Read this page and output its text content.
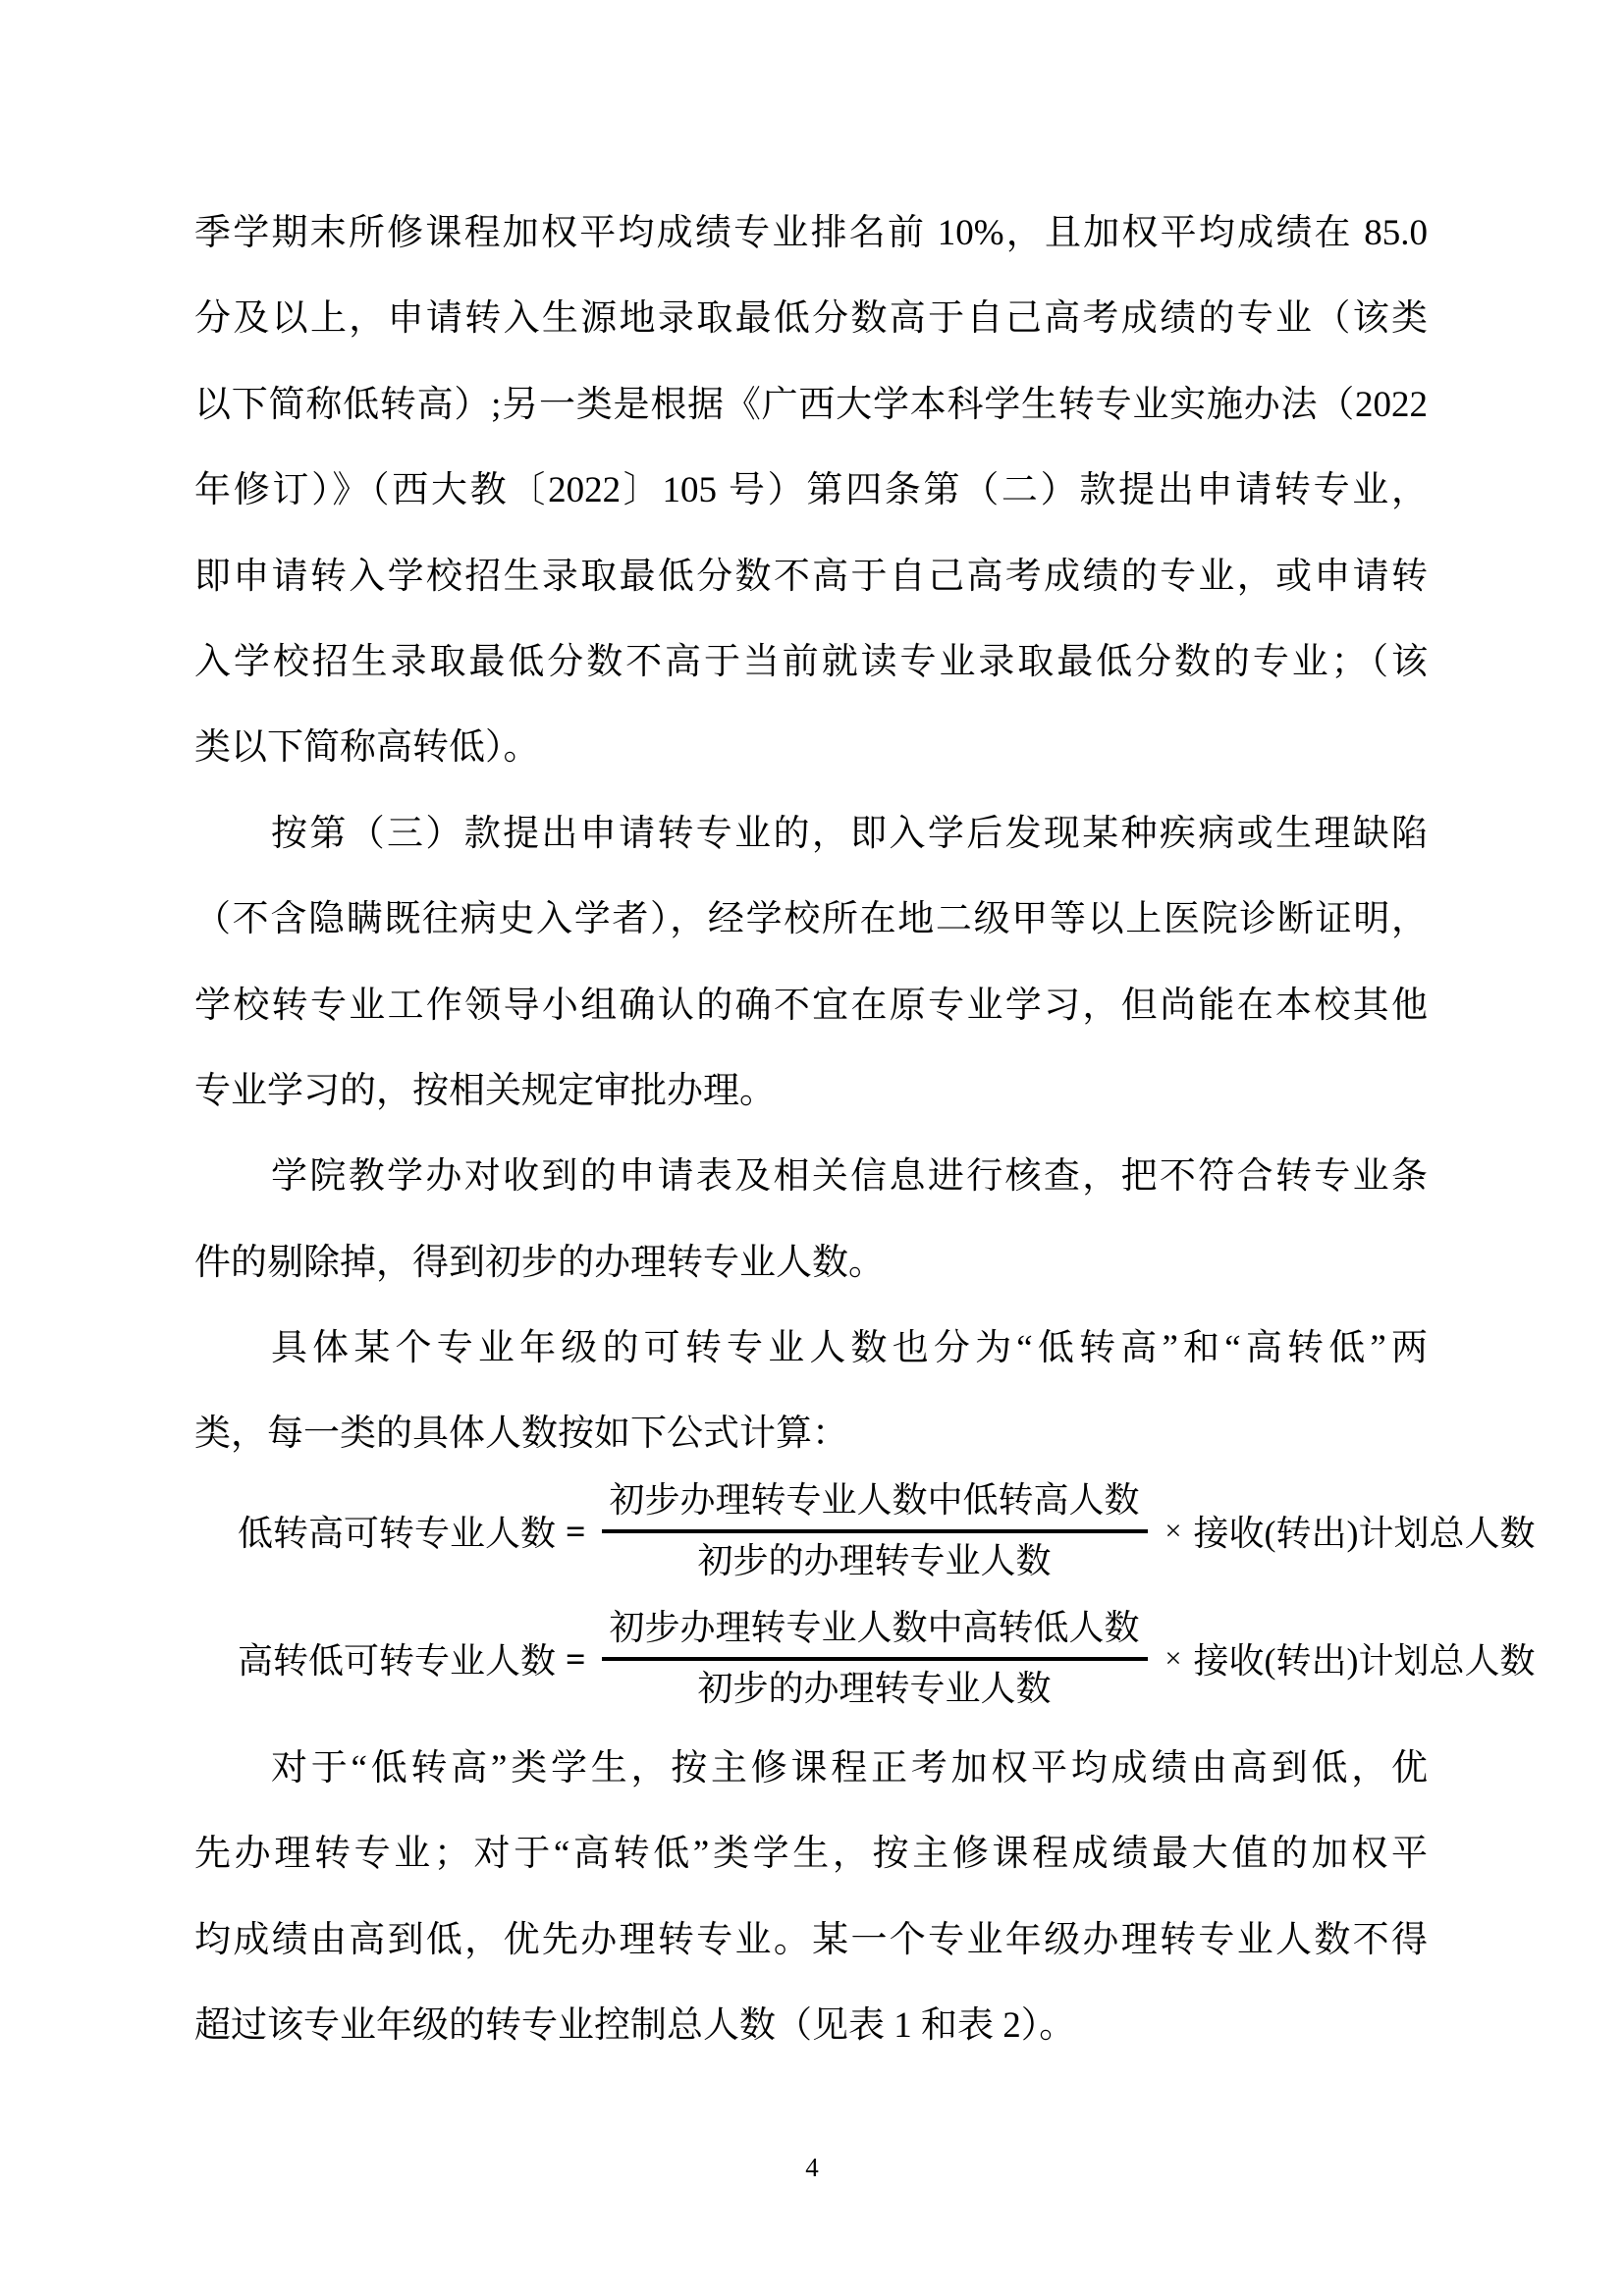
季学期末所修课程加权平均成绩专业排名前 10%，且加权平均成绩在 85.0
分及以上，申请转入生源地录取最低分数高于自己高考成绩的专业（该类
以下简称低转高）;另一类是根据《广西大学本科学生转专业实施办法（2022
年修订）》（西大教〔2022〕105 号）第四条第（二）款提出申请转专业，
即申请转入学校招生录取最低分数不高于自己高考成绩的专业，或申请转
入学校招生录取最低分数不高于当前就读专业录取最低分数的专业；（该
类以下简称高转低）。
按第（三）款提出申请转专业的，即入学后发现某种疾病或生理缺陷
（不含隐瞒既往病史入学者），经学校所在地二级甲等以上医院诊断证明，
学校转专业工作领导小组确认的确不宜在原专业学习，但尚能在本校其他
专业学习的，按相关规定审批办理。
学院教学办对收到的申请表及相关信息进行核查，把不符合转专业条
件的剔除掉，得到初步的办理转专业人数。
具体某个专业年级的可转专业人数也分为“低转高”和“高转低”两
类，每一类的具体人数按如下公式计算：
低转高可转专业人数 = $\frac{\text{初步办理转专业人数中低转高人数}}{\text{初步的办理转专业人数}}$ × 接收(转出)计划总人数
高转低可转专业人数 = $\frac{\text{初步办理转专业人数中高转低人数}}{\text{初步的办理转专业人数}}$ × 接收(转出)计划总人数
对于“低转高”类学生，按主修课程正考加权平均成绩由高到低，优
先办理转专业；对于“高转低”类学生，按主修课程成绩最大值的加权平
均成绩由高到低，优先办理转专业。某一个专业年级办理转专业人数不得
超过该专业年级的转专业控制总人数（见表 1 和表 2）。
4
